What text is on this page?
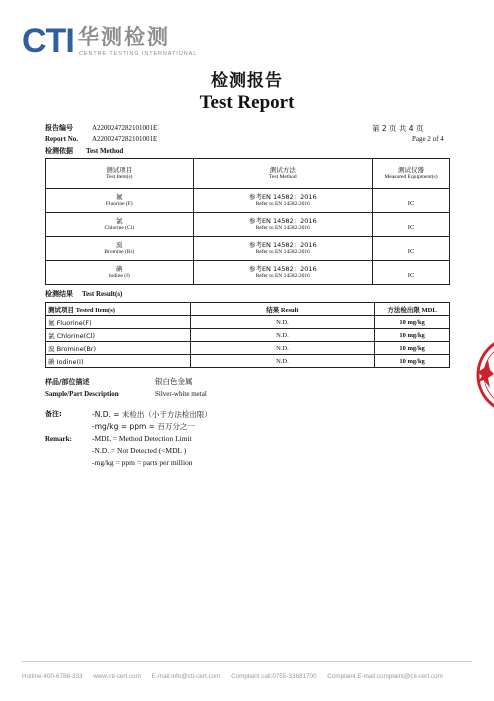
CTI 华测检测
CENTRE TESTING INTERNATIONAL
检测报告
Test Report
报告编号	A2200247282101001E
Report No. A2200247282101001E
第 2 页 共 4 页
Page 2 of 4
检测依据 Test Method
测试项目
Test Item(s)	测试方法
Test Method	测试仪器
Measured Equipment(s)

氟
Fluorine (F)	参考EN 14582：2016
Refer to EN 14582:2016	IC

氯
Chlorine (Cl)	参考EN 14582：2016
Refer to EN 14582:2016	IC

溴
Bromine (Br)	参考EN 14582：2016
Refer to EN 14582:2016	IC

碘
Iodine (I)	参考EN 14582：2016
Refer to EN 14582:2016	IC
检测结果 Test Result(s)
测试项目 Tested Item(s)	结果 Result	方法检出限 MDL
氟 Fluorine(F)	N.D.	10 mg/kg
氯 Chlorine(Cl)	N.D.	10 mg/kg
溴 Bromine(Br)	N.D.	10 mg/kg
碘 Iodine(I)	N.D.	10 mg/kg
样品/部位描述	银白色金属
Sample/Part Description	Silver-white metal
备注:
Remark:
-N.D. = 未检出（小于方法检出限）
-mg/kg = ppm = 百万分之一
-MDL = Method Detection Limit
-N.D. = Not Detected (<MDL )
-mg/kg = ppm = parts per million
Hotline:400-6788-333 www.cti-cert.com E-mail:info@cti-cert.com Complaint call:0755-33681700 Complaint E-mail:complaint@cti-cert.com
